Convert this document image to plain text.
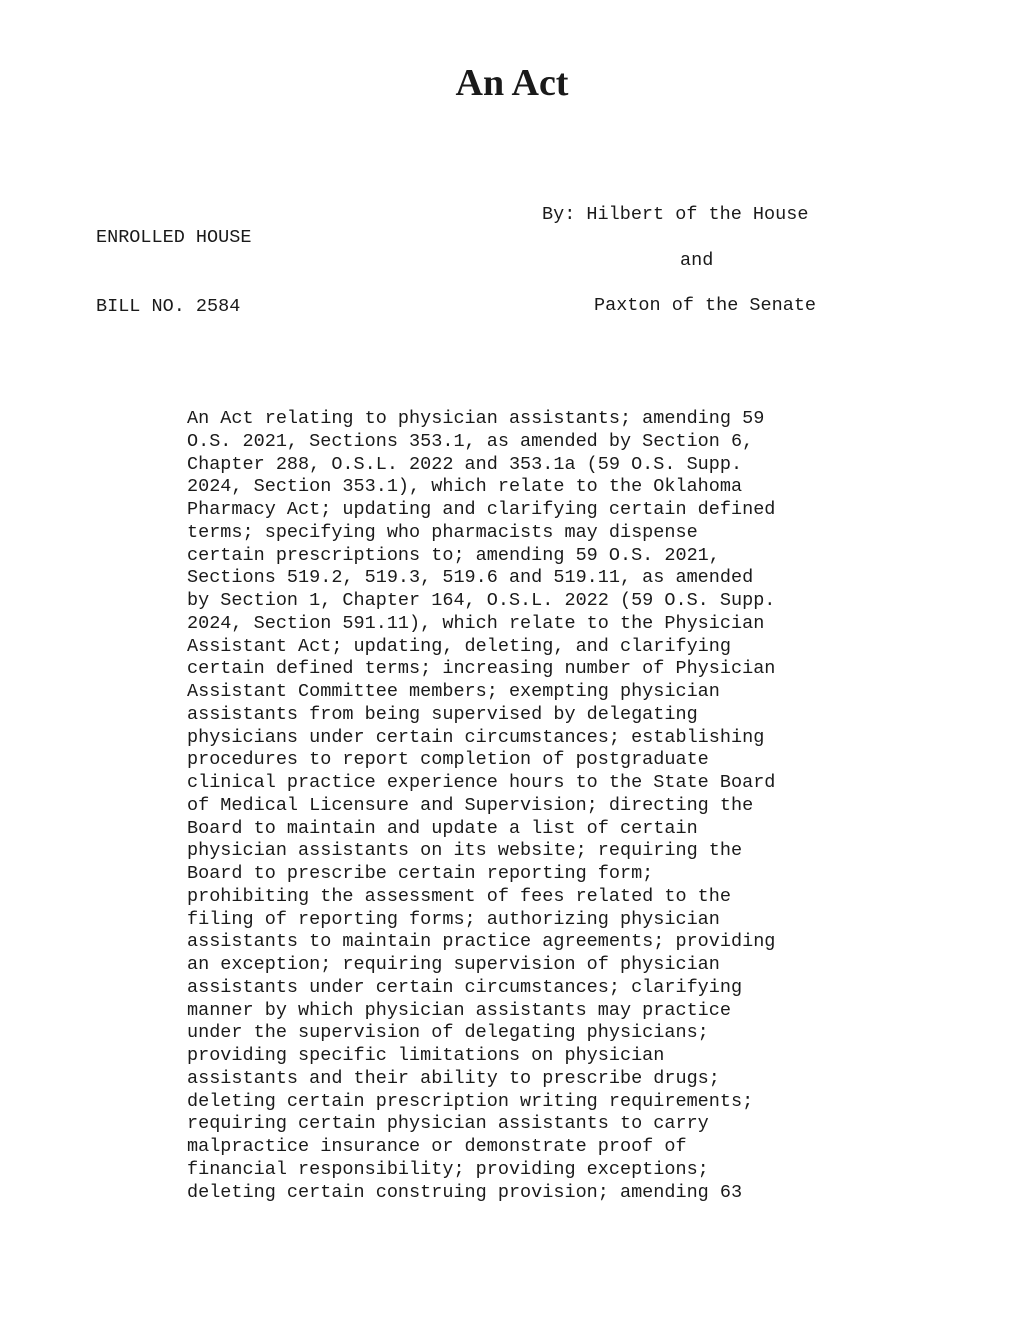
An Act

ENROLLED HOUSE

BILL NO. 2584

By: Hilbert of the House
and
Paxton of the Senate
An Act relating to physician assistants; amending 59
O.S. 2021, Sections 353.1, as amended by Section 6,
Chapter 288, O.S.L. 2022 and 353.1a (59 O.S. Supp.
2024, Section 353.1), which relate to the Oklahoma
Pharmacy Act; updating and clarifying certain defined
terms; specifying who pharmacists may dispense
certain prescriptions to; amending 59 O.S. 2021,
Sections 519.2, 519.3, 519.6 and 519.11, as amended
by Section 1, Chapter 164, O.S.L. 2022 (59 O.S. Supp.
2024, Section 591.11), which relate to the Physician
Assistant Act; updating, deleting, and clarifying
certain defined terms; increasing number of Physician
Assistant Committee members; exempting physician
assistants from being supervised by delegating
physicians under certain circumstances; establishing
procedures to report completion of postgraduate
clinical practice experience hours to the State Board
of Medical Licensure and Supervision; directing the
Board to maintain and update a list of certain
physician assistants on its website; requiring the
Board to prescribe certain reporting form;
prohibiting the assessment of fees related to the
filing of reporting forms; authorizing physician
assistants to maintain practice agreements; providing
an exception; requiring supervision of physician
assistants under certain circumstances; clarifying
manner by which physician assistants may practice
under the supervision of delegating physicians;
providing specific limitations on physician
assistants and their ability to prescribe drugs;
deleting certain prescription writing requirements;
requiring certain physician assistants to carry
malpractice insurance or demonstrate proof of
financial responsibility; providing exceptions;
deleting certain construing provision; amending 63
